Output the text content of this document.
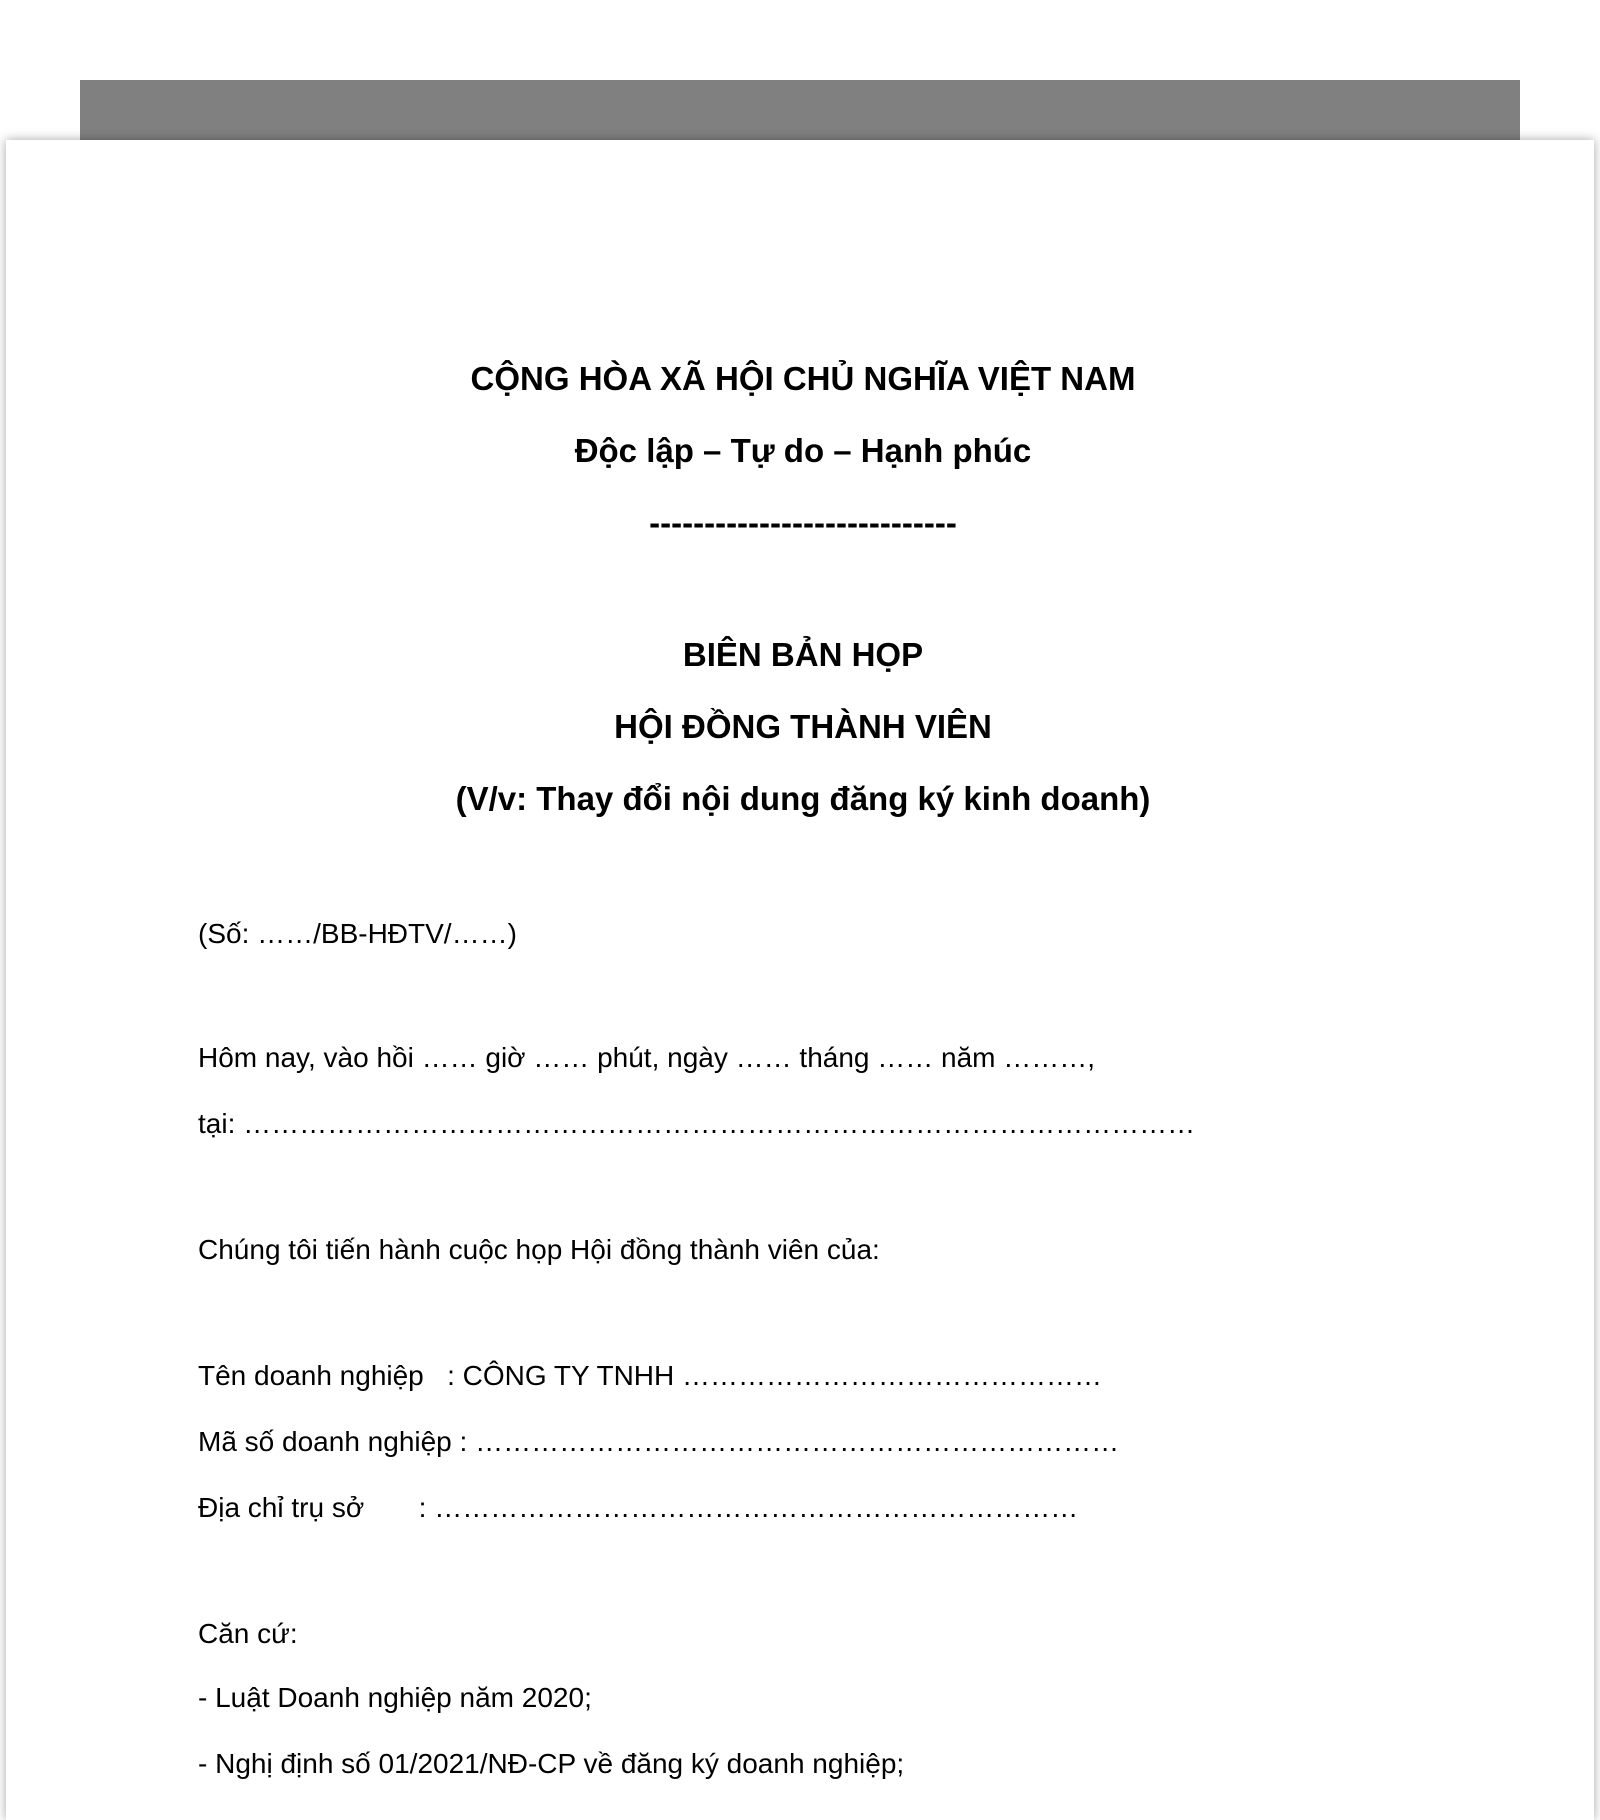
CỘNG HÒA XÃ HỘI CHỦ NGHĨA VIỆT NAM
Độc lập – Tự do – Hạnh phúc
----------------------------
BIÊN BẢN HỌP
HỘI ĐỒNG THÀNH VIÊN
(V/v: Thay đổi nội dung đăng ký kinh doanh)
(Số: ……/BB-HĐTV/……)
Hôm nay, vào hồi …… giờ …… phút, ngày …… tháng …… năm ………,
tại: …………………………………………………………………………………………
Chúng tôi tiến hành cuộc họp Hội đồng thành viên của:
Tên doanh nghiệp   : CÔNG TY TNHH ………………………………………
Mã số doanh nghiệp : ……………………………………………………………
Địa chỉ trụ sở       : ……………………………………………………………
Căn cứ:
- Luật Doanh nghiệp năm 2020;
- Nghị định số 01/2021/NĐ-CP về đăng ký doanh nghiệp;
